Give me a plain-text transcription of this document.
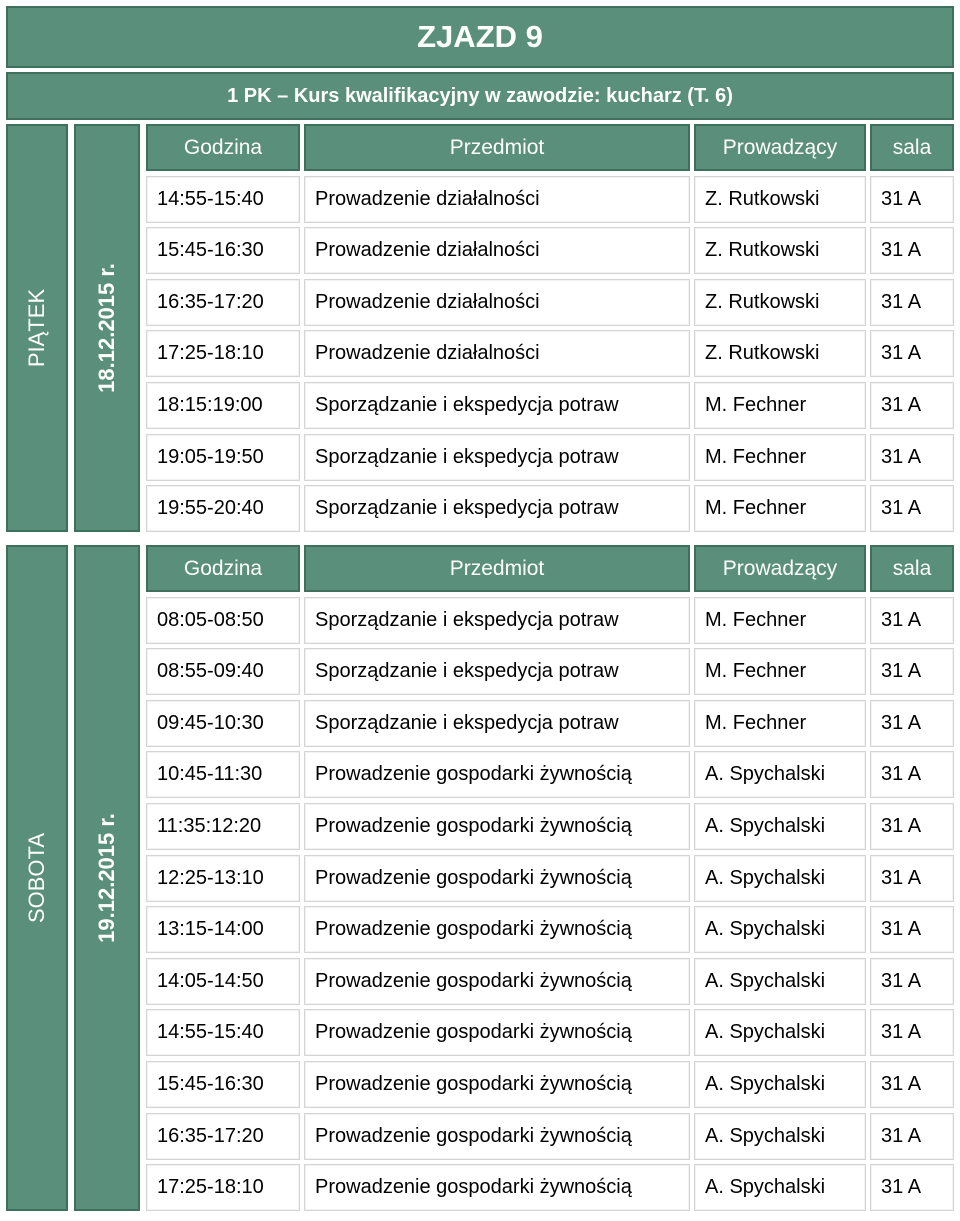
ZJAZD 9
1 PK – Kurs kwalifikacyjny w zawodzie: kucharz (T. 6)
PIĄTEK 18.12.2015 r.
Godzina	Przedmiot	Prowadzący	sala
14:55-15:40	Prowadzenie działalności	Z. Rutkowski	31 A
15:45-16:30	Prowadzenie działalności	Z. Rutkowski	31 A
16:35-17:20	Prowadzenie działalności	Z. Rutkowski	31 A
17:25-18:10	Prowadzenie działalności	Z. Rutkowski	31 A
18:15:19:00	Sporządzanie i ekspedycja potraw	M. Fechner	31 A
19:05-19:50	Sporządzanie i ekspedycja potraw	M. Fechner	31 A
19:55-20:40	Sporządzanie i ekspedycja potraw	M. Fechner	31 A
SOBOTA 19.12.2015 r.
Godzina	Przedmiot	Prowadzący	sala
08:05-08:50	Sporządzanie i ekspedycja potraw	M. Fechner	31 A
08:55-09:40	Sporządzanie i ekspedycja potraw	M. Fechner	31 A
09:45-10:30	Sporządzanie i ekspedycja potraw	M. Fechner	31 A
10:45-11:30	Prowadzenie gospodarki żywnością	A. Spychalski	31 A
11:35:12:20	Prowadzenie gospodarki żywnością	A. Spychalski	31 A
12:25-13:10	Prowadzenie gospodarki żywnością	A. Spychalski	31 A
13:15-14:00	Prowadzenie gospodarki żywnością	A. Spychalski	31 A
14:05-14:50	Prowadzenie gospodarki żywnością	A. Spychalski	31 A
14:55-15:40	Prowadzenie gospodarki żywnością	A. Spychalski	31 A
15:45-16:30	Prowadzenie gospodarki żywnością	A. Spychalski	31 A
16:35-17:20	Prowadzenie gospodarki żywnością	A. Spychalski	31 A
17:25-18:10	Prowadzenie gospodarki żywnością	A. Spychalski	31 A
